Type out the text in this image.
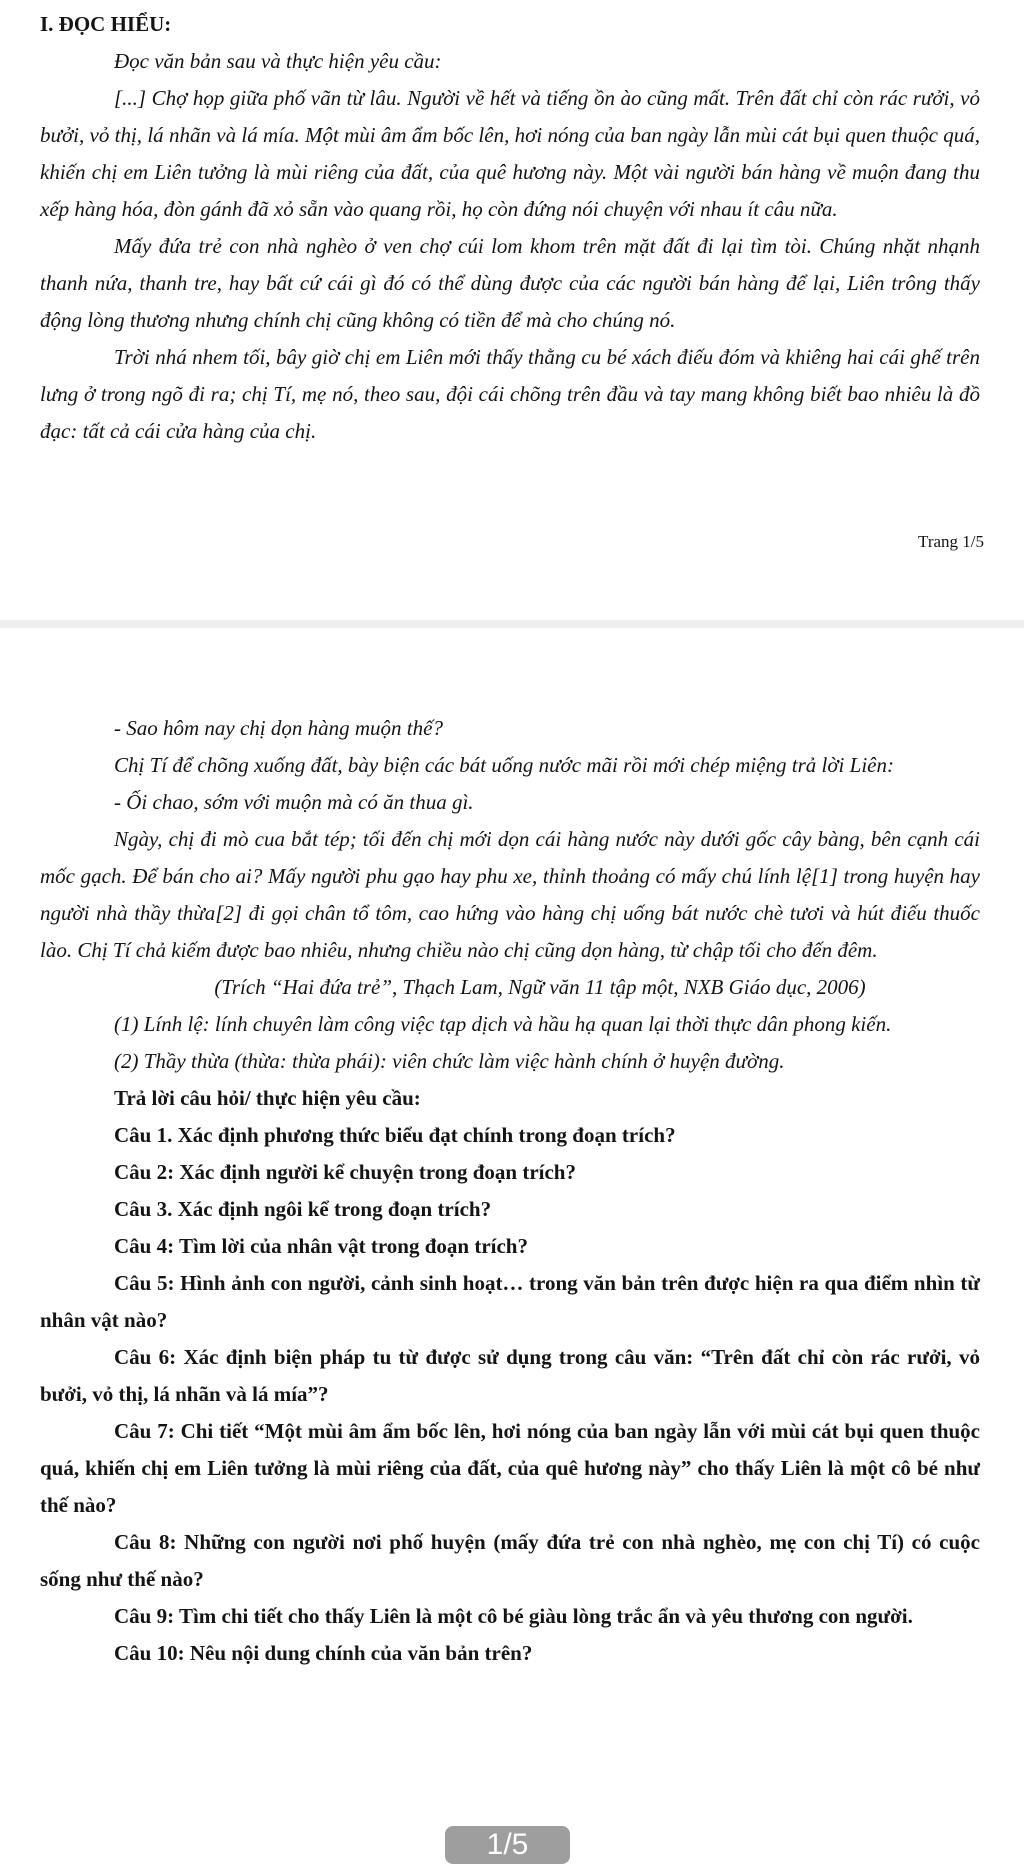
I. ĐỌC HIỂU:

Đọc văn bản sau và thực hiện yêu cầu:

[...] Chợ họp giữa phố vãn từ lâu. Người về hết và tiếng ồn ào cũng mất. Trên đất chỉ còn rác rưởi, vỏ bưởi, vỏ thị, lá nhãn và lá mía. Một mùi âm ẩm bốc lên, hơi nóng của ban ngày lẫn mùi cát bụi quen thuộc quá, khiến chị em Liên tưởng là mùi riêng của đất, của quê hương này. Một vài người bán hàng về muộn đang thu xếp hàng hóa, đòn gánh đã xỏ sẵn vào quang rồi, họ còn đứng nói chuyện với nhau ít câu nữa.

Mấy đứa trẻ con nhà nghèo ở ven chợ cúi lom khom trên mặt đất đi lại tìm tòi. Chúng nhặt nhạnh thanh nứa, thanh tre, hay bất cứ cái gì đó có thể dùng được của các người bán hàng để lại, Liên trông thấy động lòng thương nhưng chính chị cũng không có tiền để mà cho chúng nó.

Trời nhá nhem tối, bây giờ chị em Liên mới thấy thằng cu bé xách điếu đóm và khiêng hai cái ghế trên lưng ở trong ngõ đi ra; chị Tí, mẹ nó, theo sau, đội cái chõng trên đầu và tay mang không biết bao nhiêu là đồ đạc: tất cả cái cửa hàng của chị.

Trang 1/5

- Sao hôm nay chị dọn hàng muộn thế?

Chị Tí để chõng xuống đất, bày biện các bát uống nước mãi rồi mới chép miệng trả lời Liên:

- Ối chao, sớm với muộn mà có ăn thua gì.

Ngày, chị đi mò cua bắt tép; tối đến chị mới dọn cái hàng nước này dưới gốc cây bàng, bên cạnh cái mốc gạch. Để bán cho ai? Mấy người phu gạo hay phu xe, thỉnh thoảng có mấy chú lính lệ[1] trong huyện hay người nhà thầy thừa[2] đi gọi chân tổ tôm, cao hứng vào hàng chị uống bát nước chè tươi và hút điếu thuốc lào. Chị Tí chả kiếm được bao nhiêu, nhưng chiều nào chị cũng dọn hàng, từ chập tối cho đến đêm.

(Trích “Hai đứa trẻ”, Thạch Lam, Ngữ văn 11 tập một, NXB Giáo dục, 2006)

(1) Lính lệ: lính chuyên làm công việc tạp dịch và hầu hạ quan lại thời thực dân phong kiến.

(2) Thầy thừa (thừa: thừa phái): viên chức làm việc hành chính ở huyện đường.

Trả lời câu hỏi/ thực hiện yêu cầu:

Câu 1. Xác định phương thức biểu đạt chính trong đoạn trích?

Câu 2: Xác định người kể chuyện trong đoạn trích?

Câu 3. Xác định ngôi kể trong đoạn trích?

Câu 4: Tìm lời của nhân vật trong đoạn trích?

Câu 5: Hình ảnh con người, cảnh sinh hoạt… trong văn bản trên được hiện ra qua điểm nhìn từ nhân vật nào?

Câu 6: Xác định biện pháp tu từ được sử dụng trong câu văn: “Trên đất chỉ còn rác rưởi, vỏ bưởi, vỏ thị, lá nhãn và lá mía”?

Câu 7: Chi tiết “Một mùi âm ẩm bốc lên, hơi nóng của ban ngày lẫn với mùi cát bụi quen thuộc quá, khiến chị em Liên tưởng là mùi riêng của đất, của quê hương này” cho thấy Liên là một cô bé như thế nào?

Câu 8: Những con người nơi phố huyện (mấy đứa trẻ con nhà nghèo, mẹ con chị Tí) có cuộc sống như thế nào?

Câu 9: Tìm chi tiết cho thấy Liên là một cô bé giàu lòng trắc ẩn và yêu thương con người.

Câu 10: Nêu nội dung chính của văn bản trên?

1/5
